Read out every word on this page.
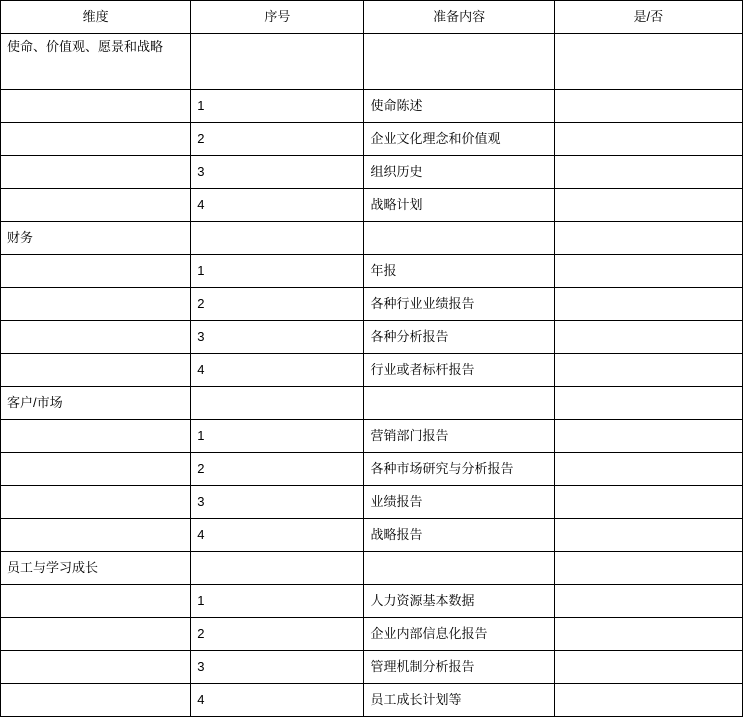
维度	序号	准备内容	是/否
使命、价值观、愿景和战略			
	1	使命陈述	
	2	企业文化理念和价值观	
	3	组织历史	
	4	战略计划	
财务			
	1	年报	
	2	各种行业业绩报告	
	3	各种分析报告	
	4	行业或者标杆报告	
客户/市场			
	1	营销部门报告	
	2	各种市场研究与分析报告	
	3	业绩报告	
	4	战略报告	
员工与学习成长			
	1	人力资源基本数据	
	2	企业内部信息化报告	
	3	管理机制分析报告	
	4	员工成长计划等	
